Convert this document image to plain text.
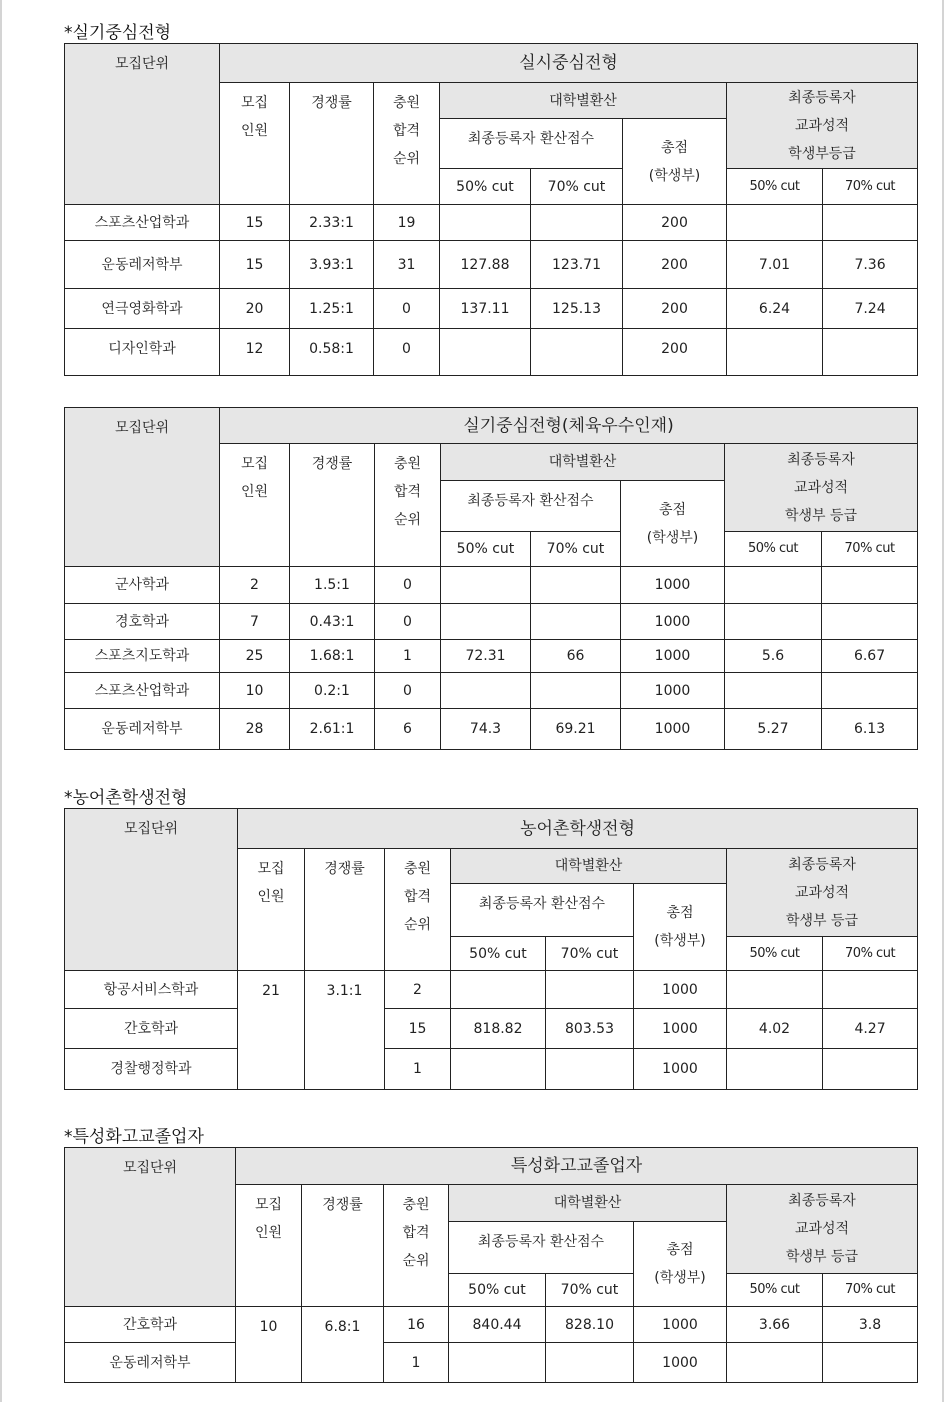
*실기중심전형
모집단위	실시중심전형							
	모집
인원	경쟁률	충원
합격
순위	대학별환산			최종등록자
교과성적
학생부등급	
				최종등록자 환산점수		총점
(학생부)		
				50% cut	70% cut		50% cut	70% cut
스포츠산업학과	15	2.33:1	19			200		
운동레저학부	15	3.93:1	31	127.88	123.71	200	7.01	7.36
연극영화학과	20	1.25:1	0	137.11	125.13	200	6.24	7.24
디자인학과	12	0.58:1	0			200		
모집단위	실기중심전형(체육우수인재)							
	모집
인원	경쟁률	충원
합격
순위	대학별환산			최종등록자
교과성적
학생부 등급	
				최종등록자 환산점수		총점
(학생부)		
				50% cut	70% cut		50% cut	70% cut
군사학과	2	1.5:1	0			1000		
경호학과	7	0.43:1	0			1000		
스포츠지도학과	25	1.68:1	1	72.31	66	1000	5.6	6.67
스포츠산업학과	10	0.2:1	0			1000		
운동레저학부	28	2.61:1	6	74.3	69.21	1000	5.27	6.13
*농어촌학생전형
모집단위	농어촌학생전형							
	모집
인원	경쟁률	충원
합격
순위	대학별환산			최종등록자
교과성적
학생부 등급	
				최종등록자 환산점수		총점
(학생부)		
				50% cut	70% cut		50% cut	70% cut
항공서비스학과	21	3.1:1	2			1000		
간호학과			15	818.82	803.53	1000	4.02	4.27
경찰행정학과			1			1000		
*특성화고교졸업자
모집단위	특성화고교졸업자							
	모집
인원	경쟁률	충원
합격
순위	대학별환산			최종등록자
교과성적
학생부 등급	
				최종등록자 환산점수		총점
(학생부)		
				50% cut	70% cut		50% cut	70% cut
간호학과	10	6.8:1	16	840.44	828.10	1000	3.66	3.8
운동레저학부			1			1000		
